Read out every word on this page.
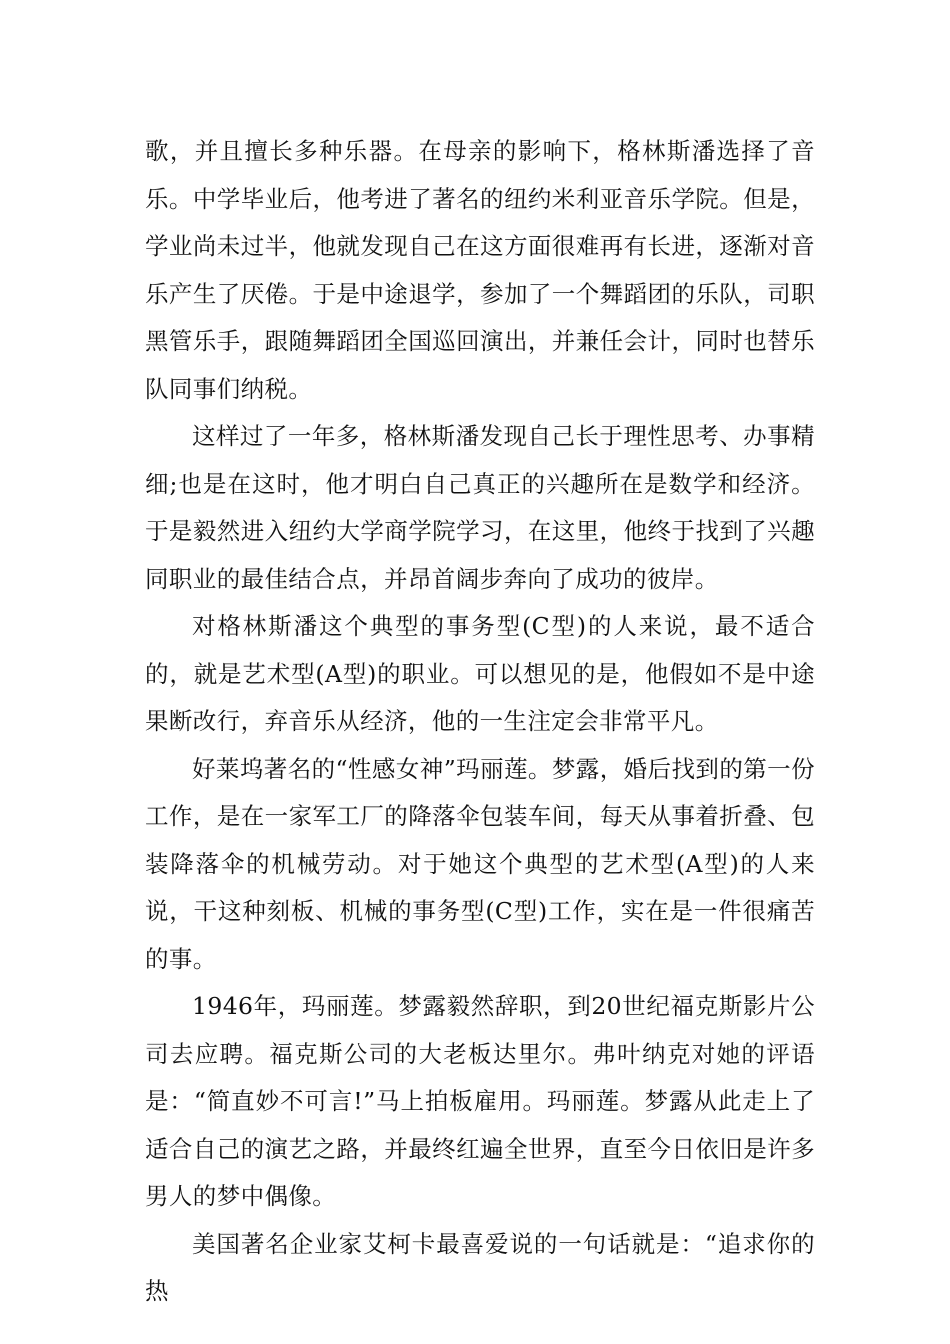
歌，并且擅长多种乐器。在母亲的影响下，格林斯潘选择了音乐。中学毕业后，他考进了著名的纽约米利亚音乐学院。但是，学业尚未过半，他就发现自己在这方面很难再有长进，逐渐对音乐产生了厌倦。于是中途退学，参加了一个舞蹈团的乐队，司职黑管乐手，跟随舞蹈团全国巡回演出，并兼任会计，同时也替乐队同事们纳税。

这样过了一年多，格林斯潘发现自己长于理性思考、办事精细;也是在这时，他才明白自己真正的兴趣所在是数学和经济。于是毅然进入纽约大学商学院学习，在这里，他终于找到了兴趣同职业的最佳结合点，并昂首阔步奔向了成功的彼岸。

对格林斯潘这个典型的事务型(C型)的人来说，最不适合的，就是艺术型(A型)的职业。可以想见的是，他假如不是中途果断改行，弃音乐从经济，他的一生注定会非常平凡。

好莱坞著名的“性感女神”玛丽莲。梦露，婚后找到的第一份工作，是在一家军工厂的降落伞包装车间，每天从事着折叠、包装降落伞的机械劳动。对于她这个典型的艺术型(A型)的人来说，干这种刻板、机械的事务型(C型)工作，实在是一件很痛苦的事。

1946年，玛丽莲。梦露毅然辞职，到20世纪福克斯影片公司去应聘。福克斯公司的大老板达里尔。弗叶纳克对她的评语是：“简直妙不可言!”马上拍板雇用。玛丽莲。梦露从此走上了适合自己的演艺之路，并最终红遍全世界，直至今日依旧是许多男人的梦中偶像。

美国著名企业家艾柯卡最喜爱说的一句话就是：“追求你的热
